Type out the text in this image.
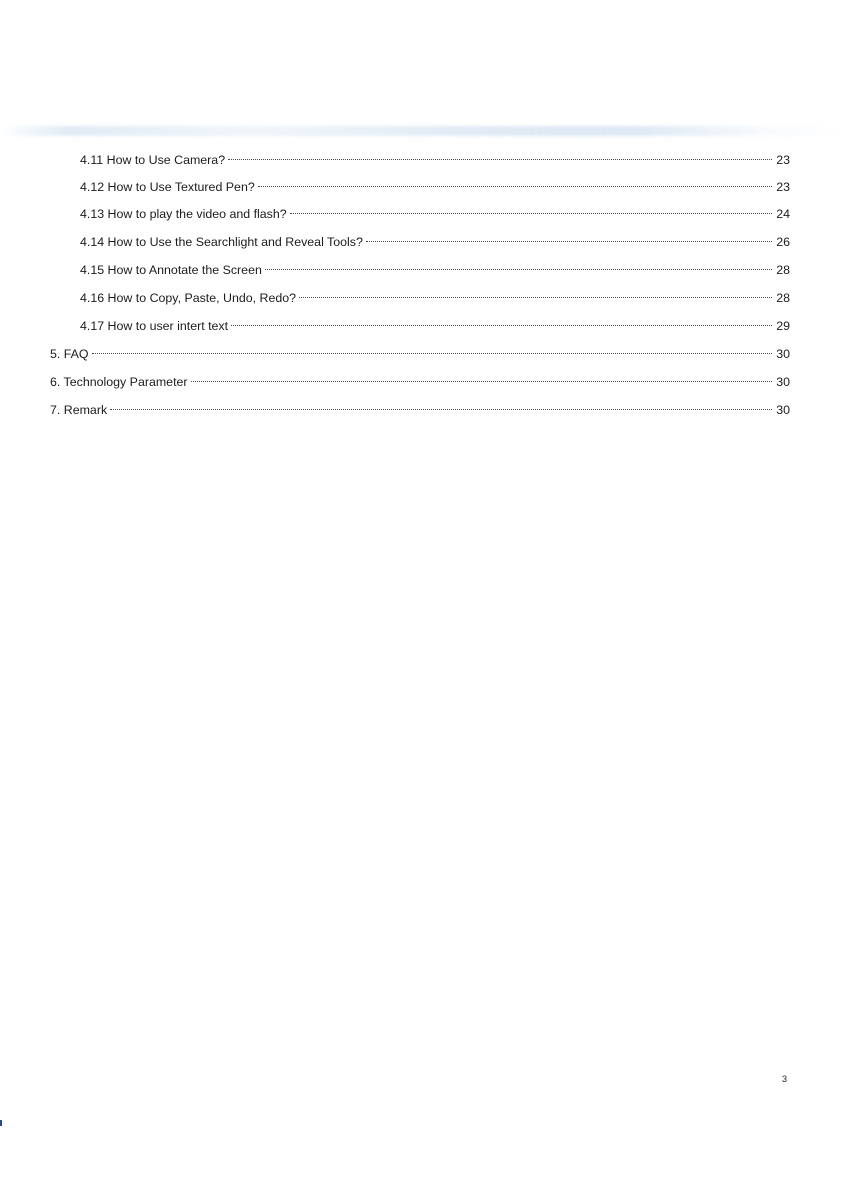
4.11 How to Use Camera?	23
4.12 How to Use Textured Pen?	23
4.13 How to play the video and flash?	24
4.14 How to Use the Searchlight and Reveal Tools?	26
4.15 How to Annotate the Screen	28
4.16 How to Copy, Paste, Undo, Redo?	28
4.17 How to user intert text	29
5. FAQ	30
6. Technology Parameter	30
7. Remark	30
3
